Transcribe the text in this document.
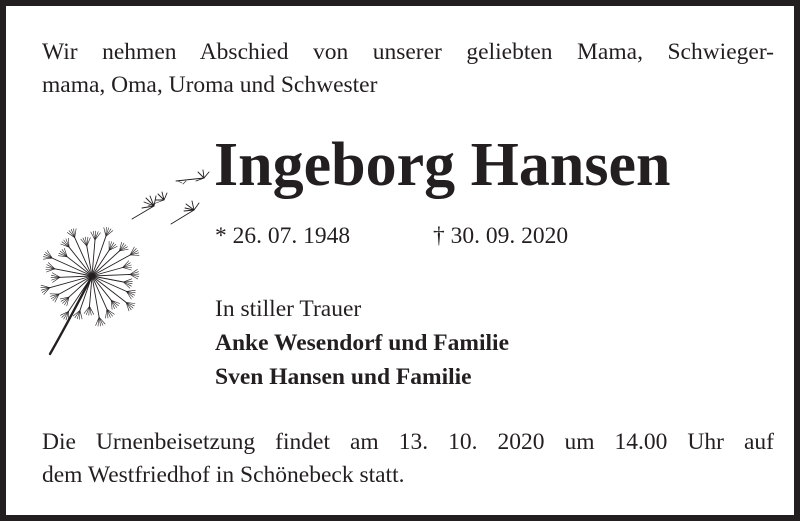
Wir nehmen Abschied von unserer geliebten Mama, Schwieger-
mama, Oma, Uroma und Schwester

Ingeborg Hansen
* 26. 07. 1948	† 30. 09. 2020
In stiller Trauer
Anke Wesendorf und Familie
Sven Hansen und Familie

Die Urnenbeisetzung findet am 13. 10. 2020 um 14.00 Uhr auf
dem Westfriedhof in Schönebeck statt.
